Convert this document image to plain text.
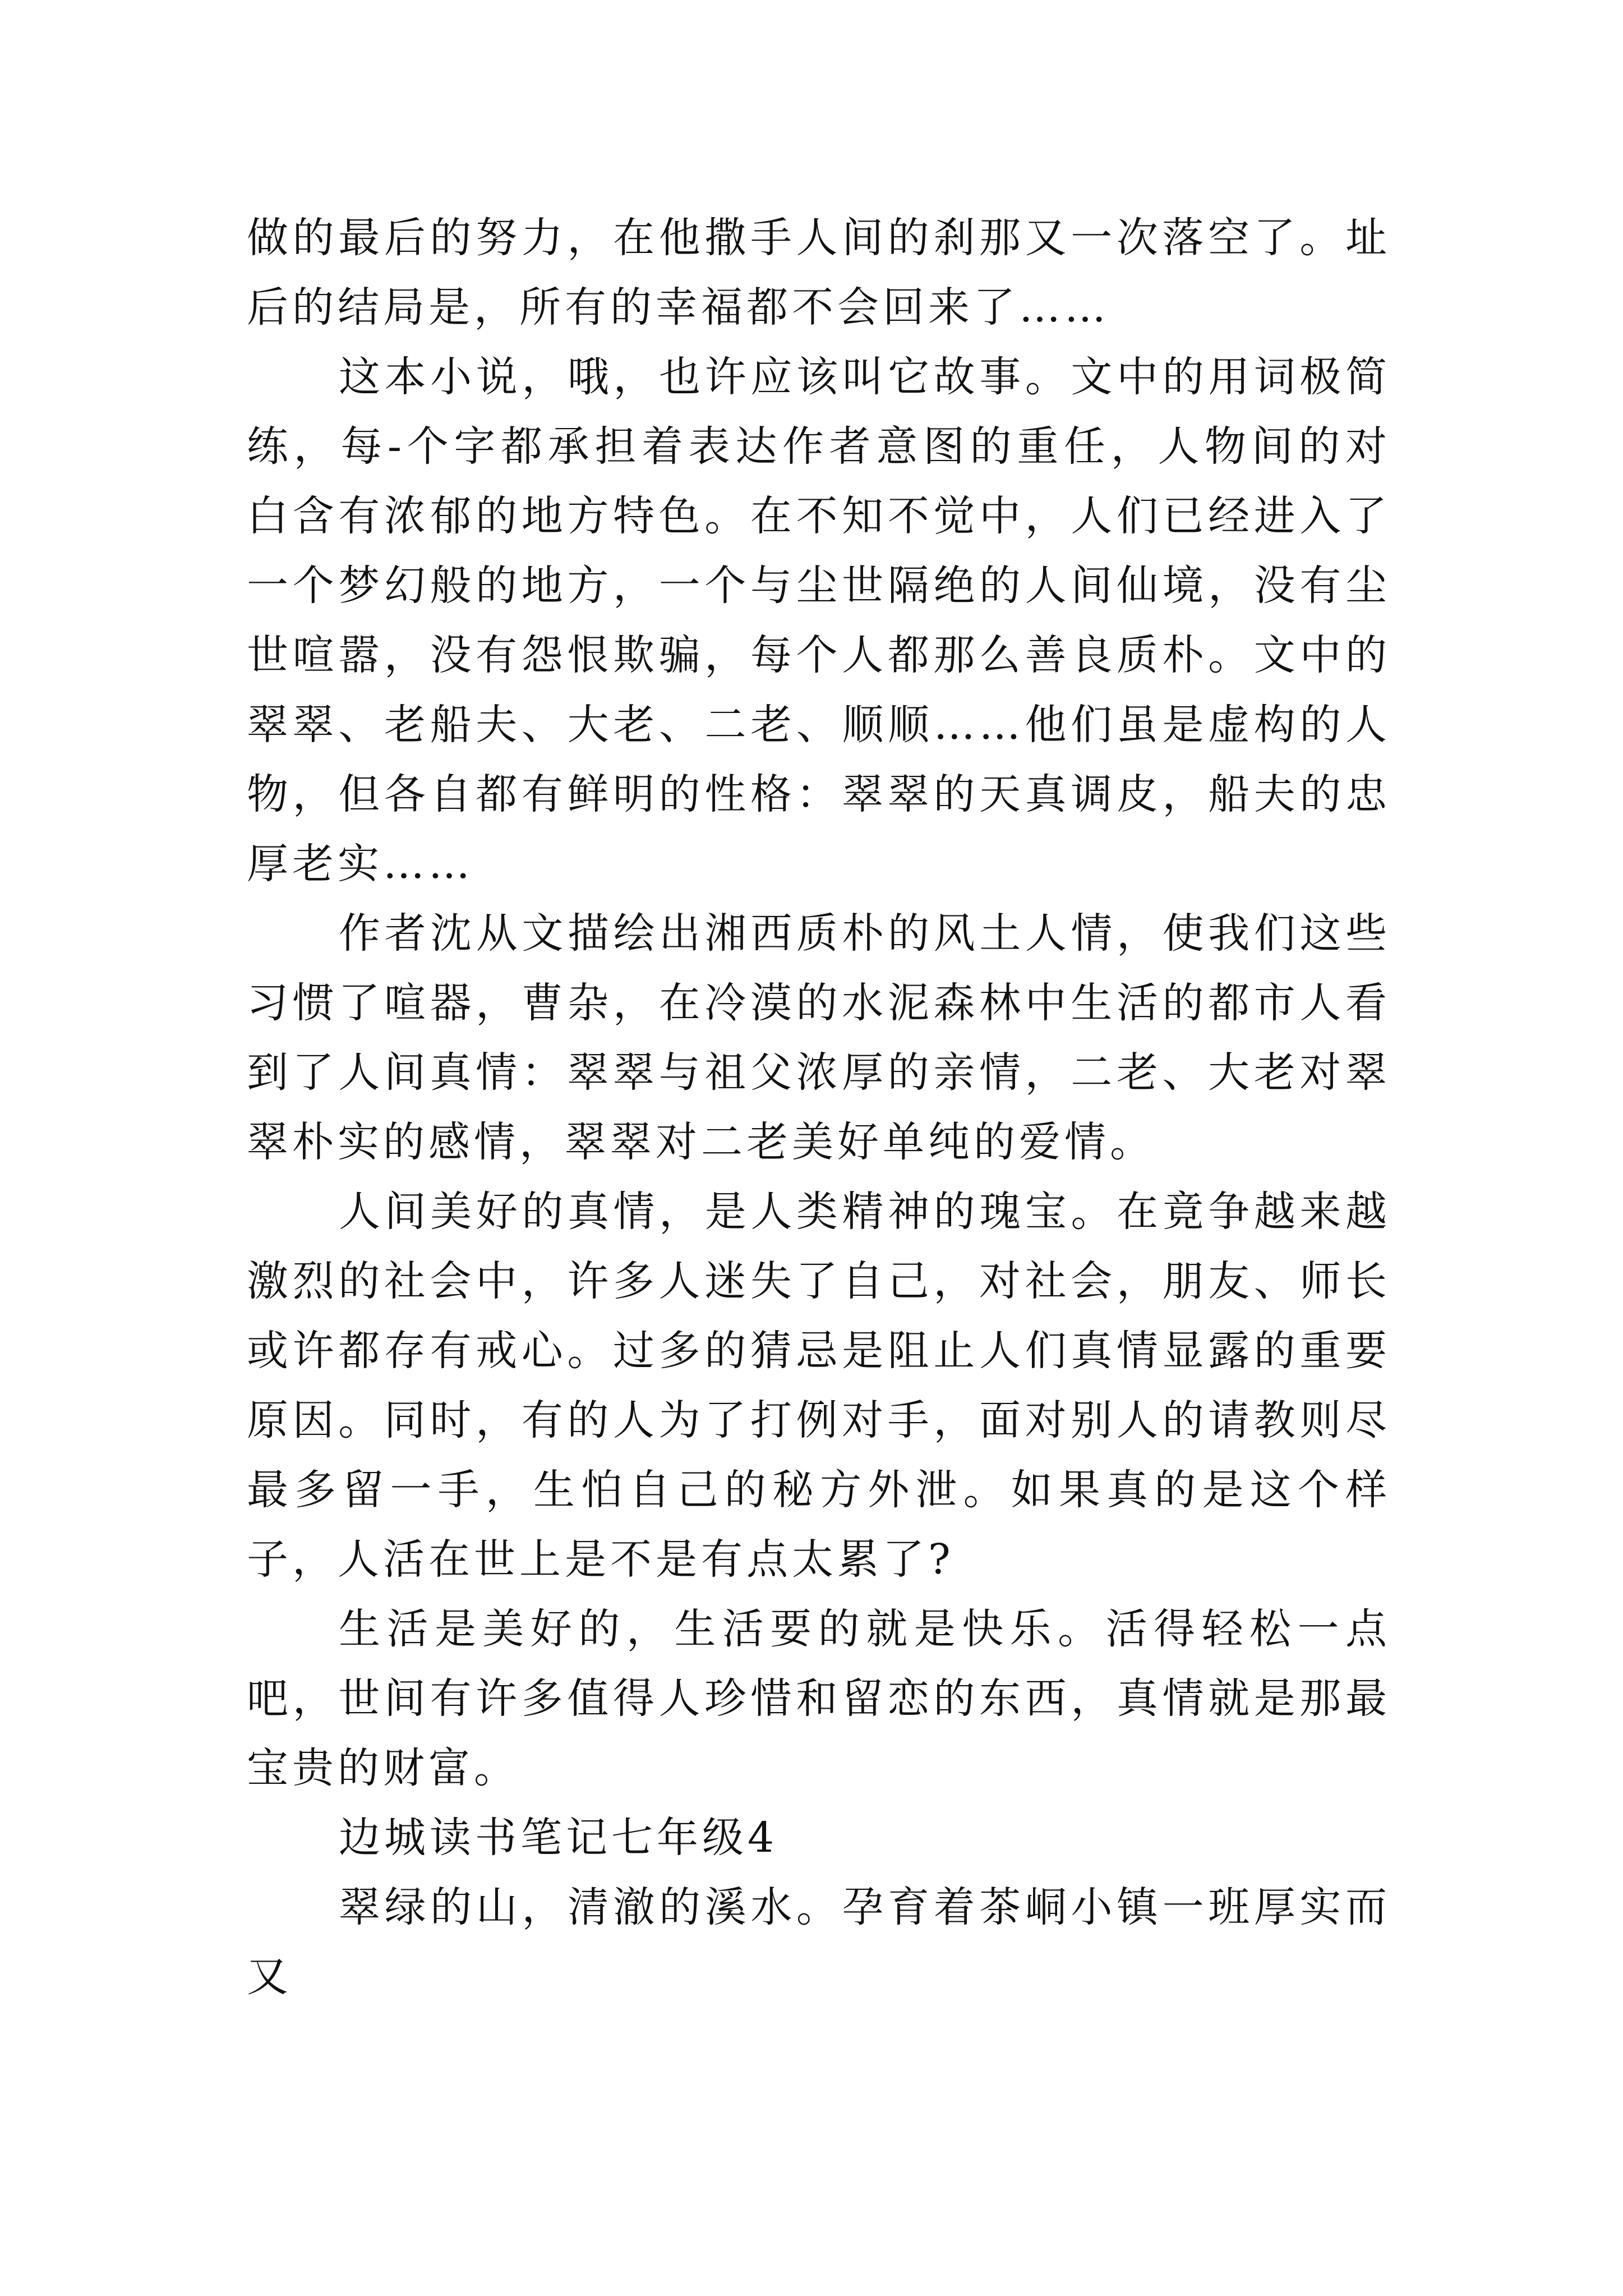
做的最后的努力，在他撒手人间的刹那又一次落空了。址后的结局是，所有的幸福都不会回来了……

这本小说，哦，也许应该叫它故事。文中的用词极简练，每-个字都承担着表达作者意图的重任，人物间的对白含有浓郁的地方特色。在不知不觉中，人们已经进入了一个梦幻般的地方，一个与尘世隔绝的人间仙境，没有尘世喧嚣，没有怨恨欺骗，每个人都那么善良质朴。文中的翠翠、老船夫、大老、二老、顺顺……他们虽是虚构的人物，但各自都有鲜明的性格：翠翠的天真调皮，船夫的忠厚老实……

作者沈从文描绘出湘西质朴的风土人情，使我们这些习惯了喧器，曹杂，在冷漠的水泥森林中生活的都市人看到了人间真情：翠翠与祖父浓厚的亲情，二老、大老对翠翠朴实的感情，翠翠对二老美好单纯的爱情。

人间美好的真情，是人类精神的瑰宝。在竟争越来越激烈的社会中，许多人迷失了自己，对社会，朋友、师长或许都存有戒心。过多的猜忌是阻止人们真情显露的重要原因。同时，有的人为了打例对手，面对别人的请教则尽最多留一手，生怕自己的秘方外泄。如果真的是这个样子，人活在世上是不是有点太累了?

生活是美好的，生活要的就是快乐。活得轻松一点吧，世间有许多值得人珍惜和留恋的东西，真情就是那最宝贵的财富。

边城读书笔记七年级4

翠绿的山，清澈的溪水。孕育着茶峒小镇一班厚实而又
